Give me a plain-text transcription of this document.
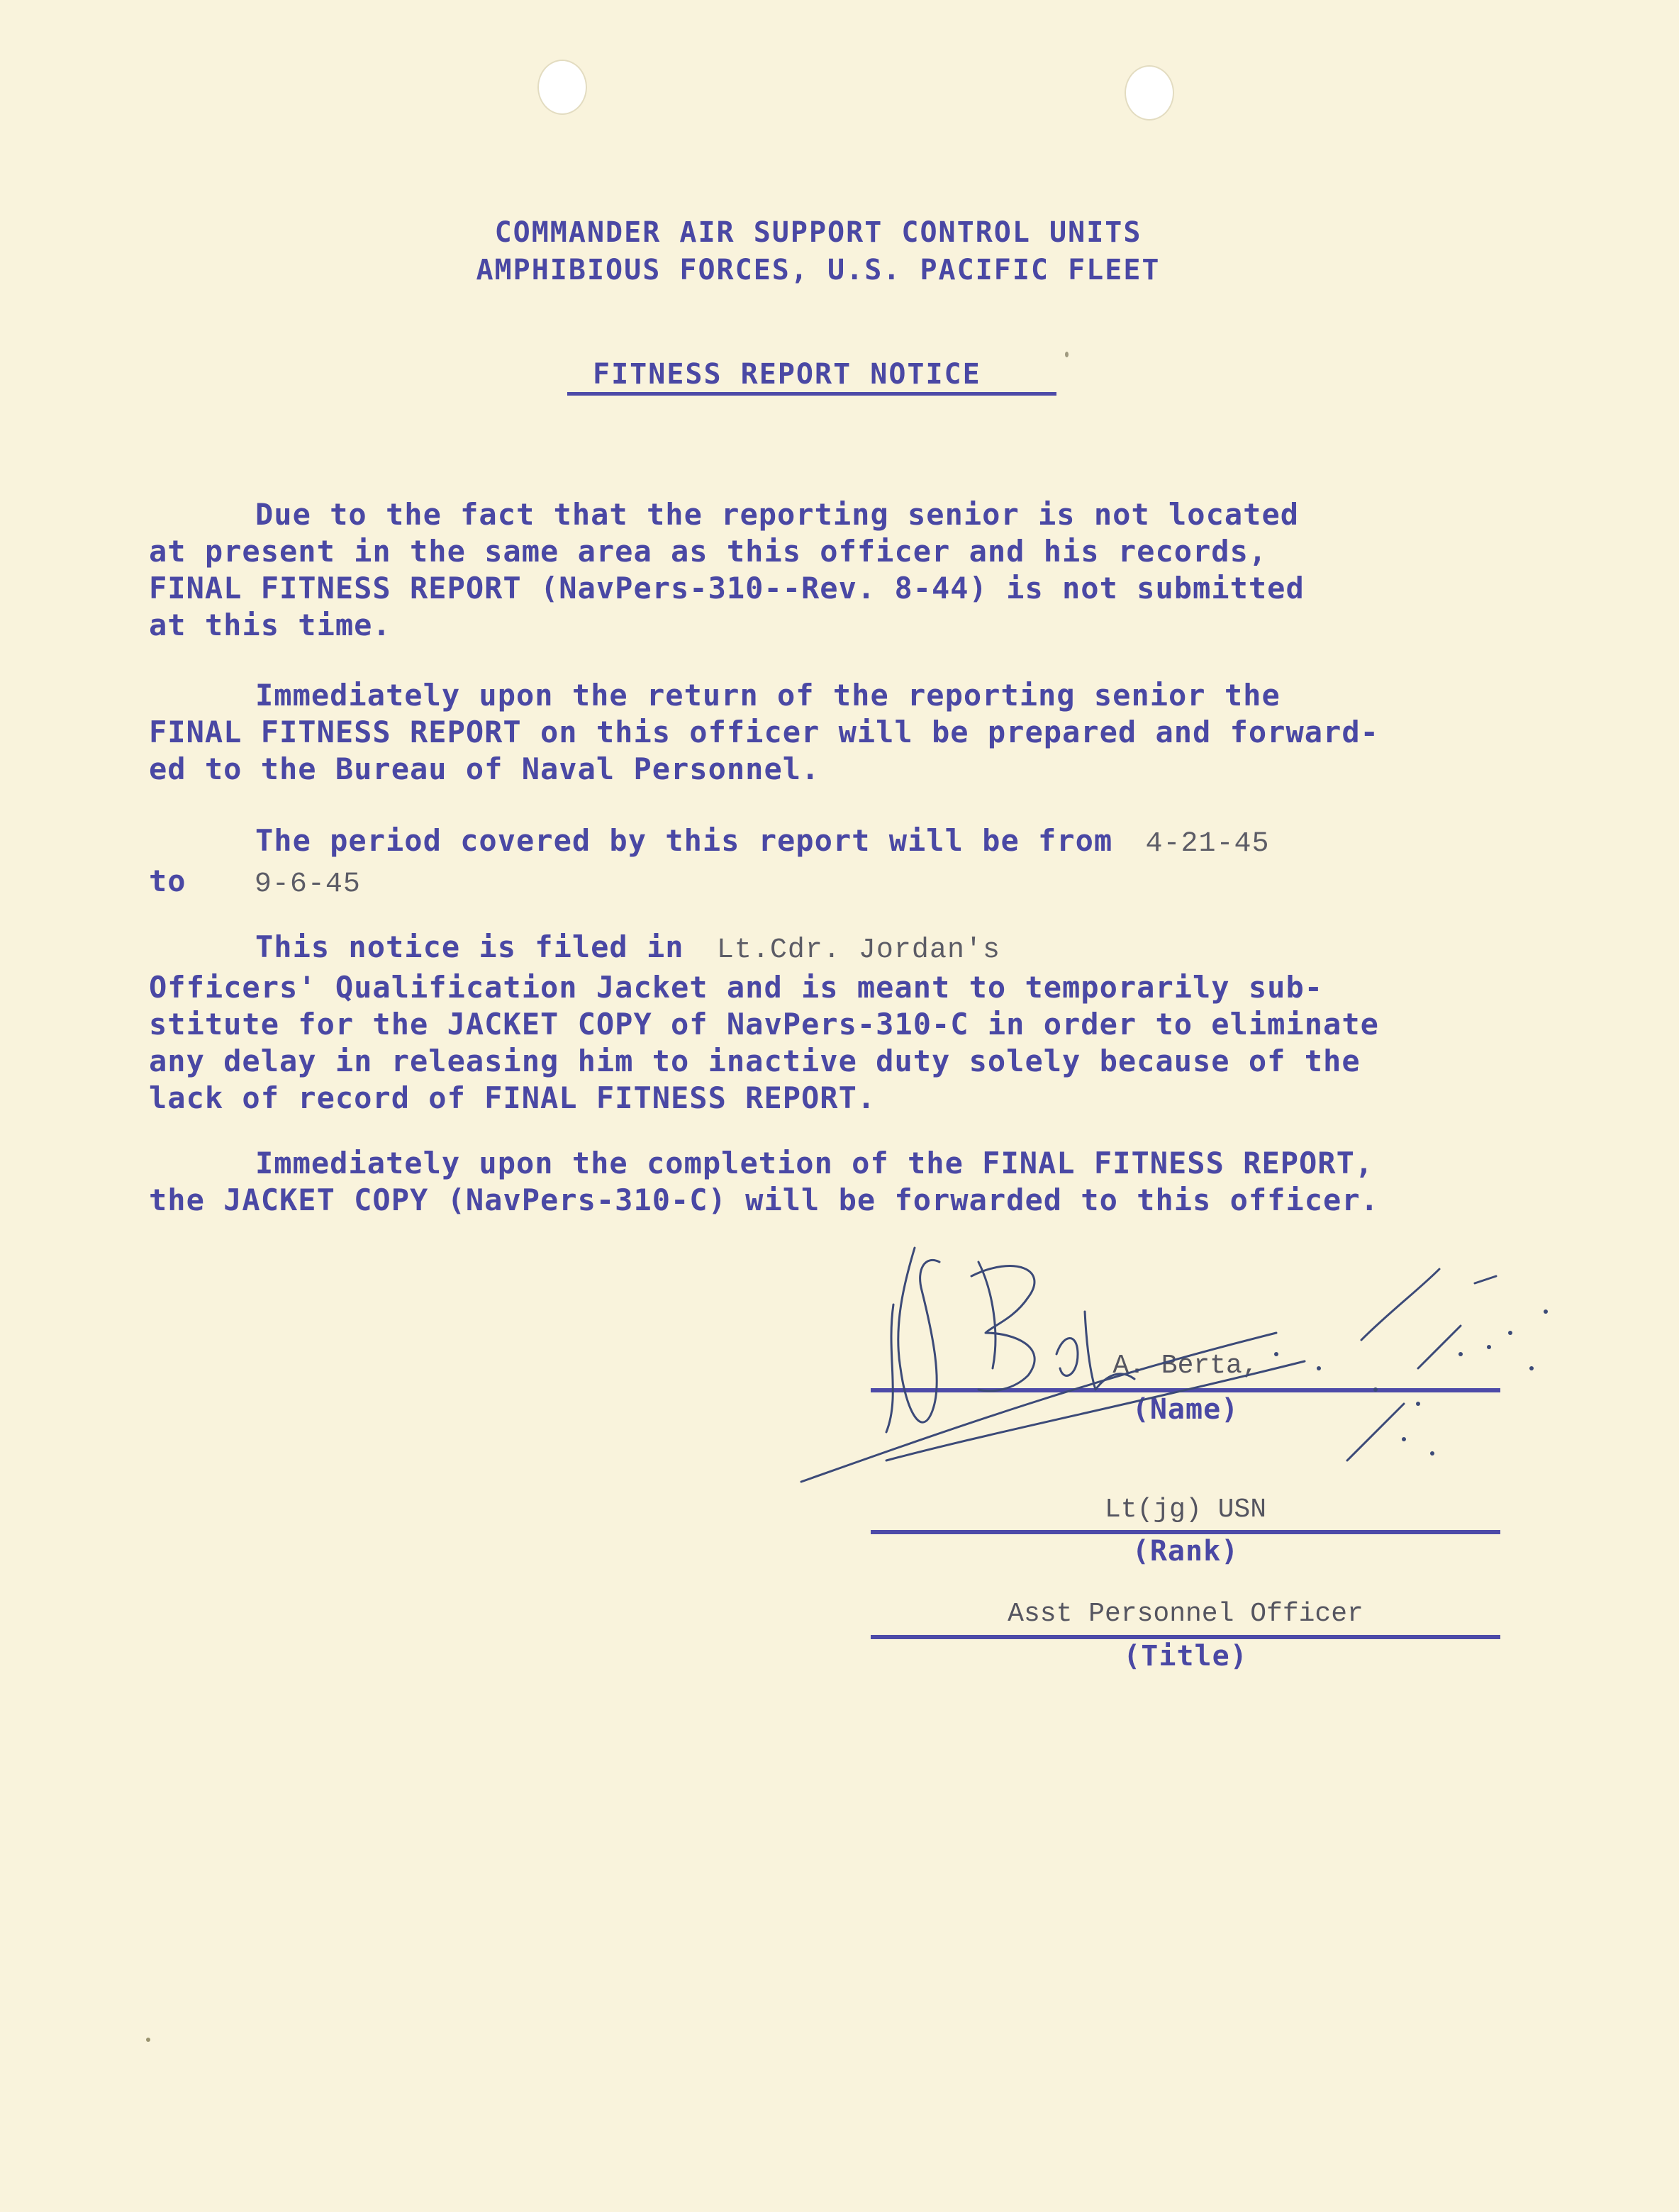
COMMANDER AIR SUPPORT CONTROL UNITS
AMPHIBIOUS FORCES, U.S. PACIFIC FLEET
FITNESS REPORT NOTICE
Due to the fact that the reporting senior is not located
at present in the same area as this officer and his records,
FINAL FITNESS REPORT (NavPers-310--Rev. 8-44) is not submitted
at this time.
Immediately upon the return of the reporting senior the
FINAL FITNESS REPORT on this officer will be prepared and forward-
ed to the Bureau of Naval Personnel.
The period covered by this report will be from 4-21-45
to 9-6-45
This notice is filed in Lt.Cdr. Jordan's
Officers' Qualification Jacket and is meant to temporarily sub-
stitute for the JACKET COPY of NavPers-310-C in order to eliminate
any delay in releasing him to inactive duty solely because of the
lack of record of FINAL FITNESS REPORT.
Immediately upon the completion of the FINAL FITNESS REPORT,
the JACKET COPY (NavPers-310-C) will be forwarded to this officer.
A. Berta,
(Name)
Lt(jg) USN
(Rank)
Asst Personnel Officer
(Title)
